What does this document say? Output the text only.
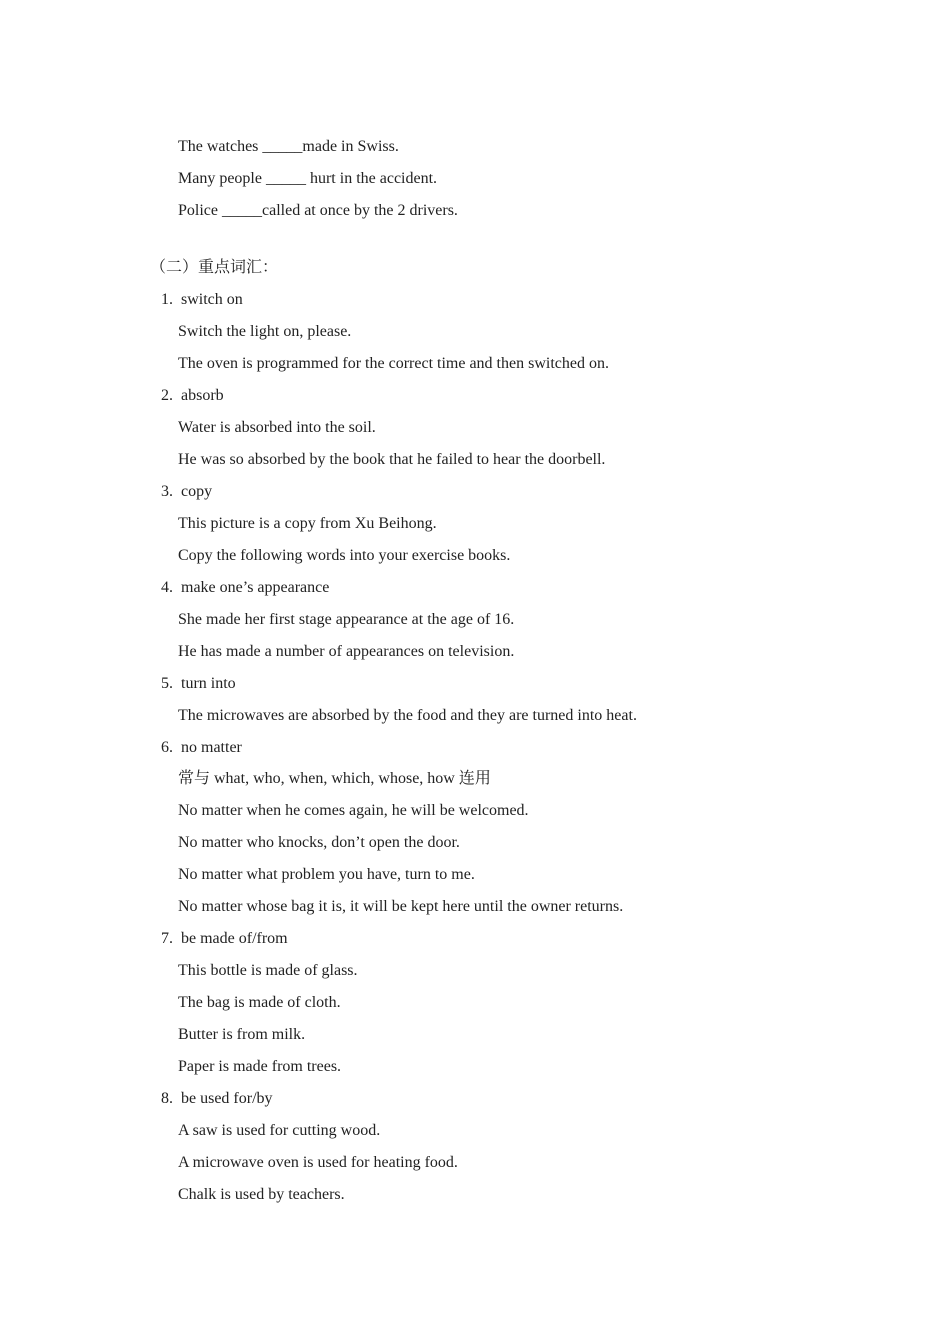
The watches _____made in Swiss.
Many people _____ hurt in the accident.
Police _____called at once by the 2 drivers.
（二）重点词汇：
1.  switch on
Switch the light on, please.
The oven is programmed for the correct time and then switched on.
2.  absorb
Water is absorbed into the soil.
He was so absorbed by the book that he failed to hear the doorbell.
3.  copy
This picture is a copy from Xu Beihong.
Copy the following words into your exercise books.
4.  make one’s appearance
She made her first stage appearance at the age of 16.
He has made a number of appearances on television.
5.  turn into
The microwaves are absorbed by the food and they are turned into heat.
6.  no matter
常与 what, who, when, which, whose, how 连用
No matter when he comes again, he will be welcomed.
No matter who knocks, don’t open the door.
No matter what problem you have, turn to me.
No matter whose bag it is, it will be kept here until the owner returns.
7.  be made of/from
This bottle is made of glass.
The bag is made of cloth.
Butter is from milk.
Paper is made from trees.
8.  be used for/by
A saw is used for cutting wood.
A microwave oven is used for heating food.
Chalk is used by teachers.
